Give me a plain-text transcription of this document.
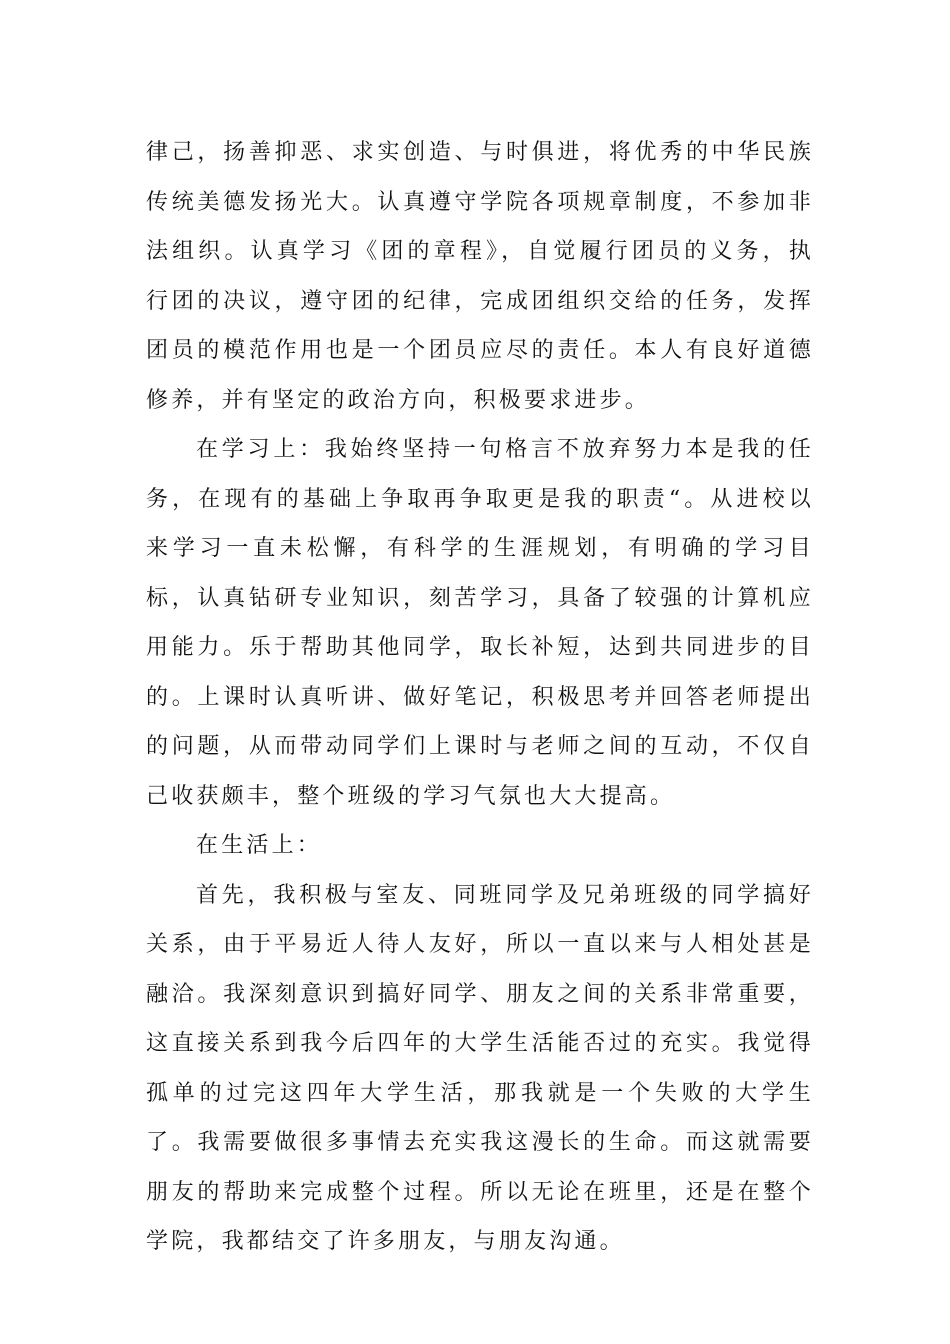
律己，扬善抑恶、求实创造、与时俱进，将优秀的中华民族传统美德发扬光大。认真遵守学院各项规章制度，不参加非法组织。认真学习《团的章程》，自觉履行团员的义务，执行团的决议，遵守团的纪律，完成团组织交给的任务，发挥团员的模范作用也是一个团员应尽的责任。本人有良好道德修养，并有坚定的政治方向，积极要求进步。

在学习上：我始终坚持一句格言不放弃努力本是我的任务，在现有的基础上争取再争取更是我的职责“。从进校以来学习一直未松懈，有科学的生涯规划，有明确的学习目标，认真钻研专业知识，刻苦学习，具备了较强的计算机应用能力。乐于帮助其他同学，取长补短，达到共同进步的目的。上课时认真听讲、做好笔记，积极思考并回答老师提出的问题，从而带动同学们上课时与老师之间的互动，不仅自己收获颇丰，整个班级的学习气氛也大大提高。

在生活上：

首先，我积极与室友、同班同学及兄弟班级的同学搞好关系，由于平易近人待人友好，所以一直以来与人相处甚是融洽。我深刻意识到搞好同学、朋友之间的关系非常重要，这直接关系到我今后四年的大学生活能否过的充实。我觉得孤单的过完这四年大学生活，那我就是一个失败的大学生了。我需要做很多事情去充实我这漫长的生命。而这就需要朋友的帮助来完成整个过程。所以无论在班里，还是在整个学院，我都结交了许多朋友，与朋友沟通。
